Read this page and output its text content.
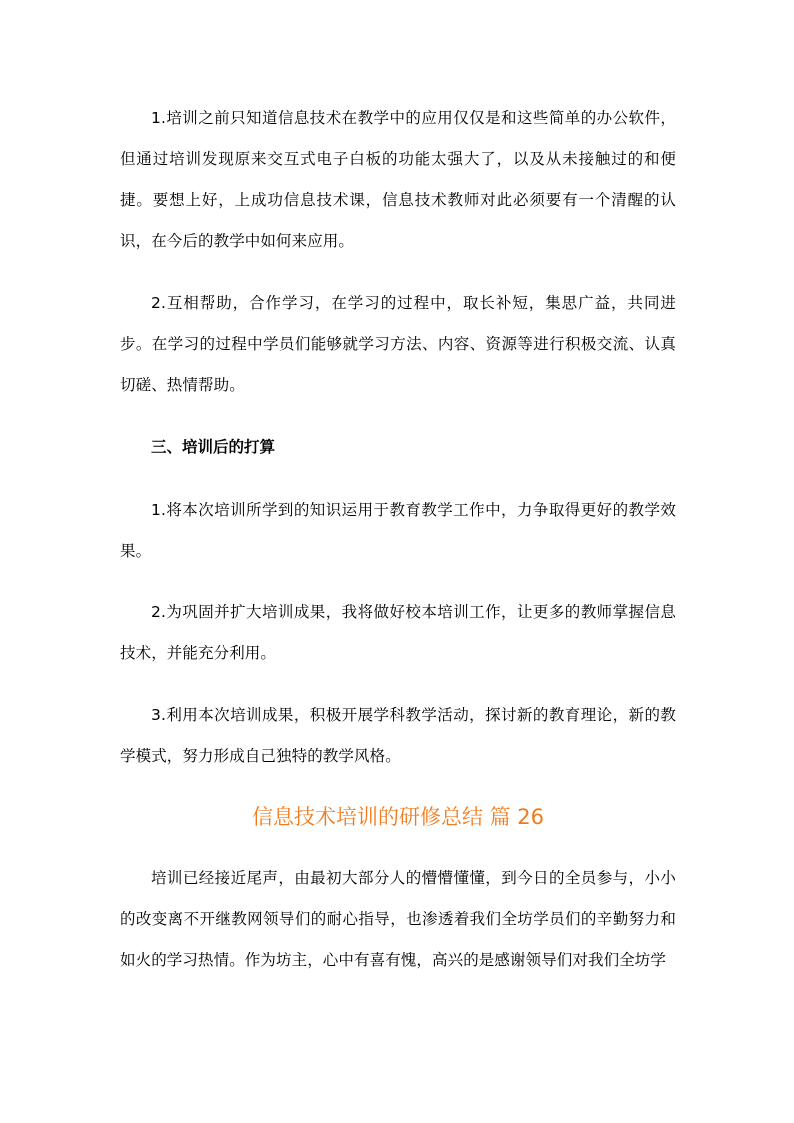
1.培训之前只知道信息技术在教学中的应用仅仅是和这些简单的办公软件，但通过培训发现原来交互式电子白板的功能太强大了，以及从未接触过的和便捷。要想上好，上成功信息技术课，信息技术教师对此必须要有一个清醒的认识，在今后的教学中如何来应用。

2.互相帮助，合作学习，在学习的过程中，取长补短，集思广益，共同进步。在学习的过程中学员们能够就学习方法、内容、资源等进行积极交流、认真切磋、热情帮助。

三、培训后的打算

1.将本次培训所学到的知识运用于教育教学工作中，力争取得更好的教学效果。

2.为巩固并扩大培训成果，我将做好校本培训工作，让更多的教师掌握信息技术，并能充分利用。

3.利用本次培训成果，积极开展学科教学活动，探讨新的教育理论，新的教学模式，努力形成自己独特的教学风格。

信息技术培训的研修总结 篇 26

培训已经接近尾声，由最初大部分人的懵懵懂懂，到今日的全员参与，小小的改变离不开继教网领导们的耐心指导，也渗透着我们全坊学员们的辛勤努力和如火的学习热情。作为坊主，心中有喜有愧，高兴的是感谢领导们对我们全坊学
